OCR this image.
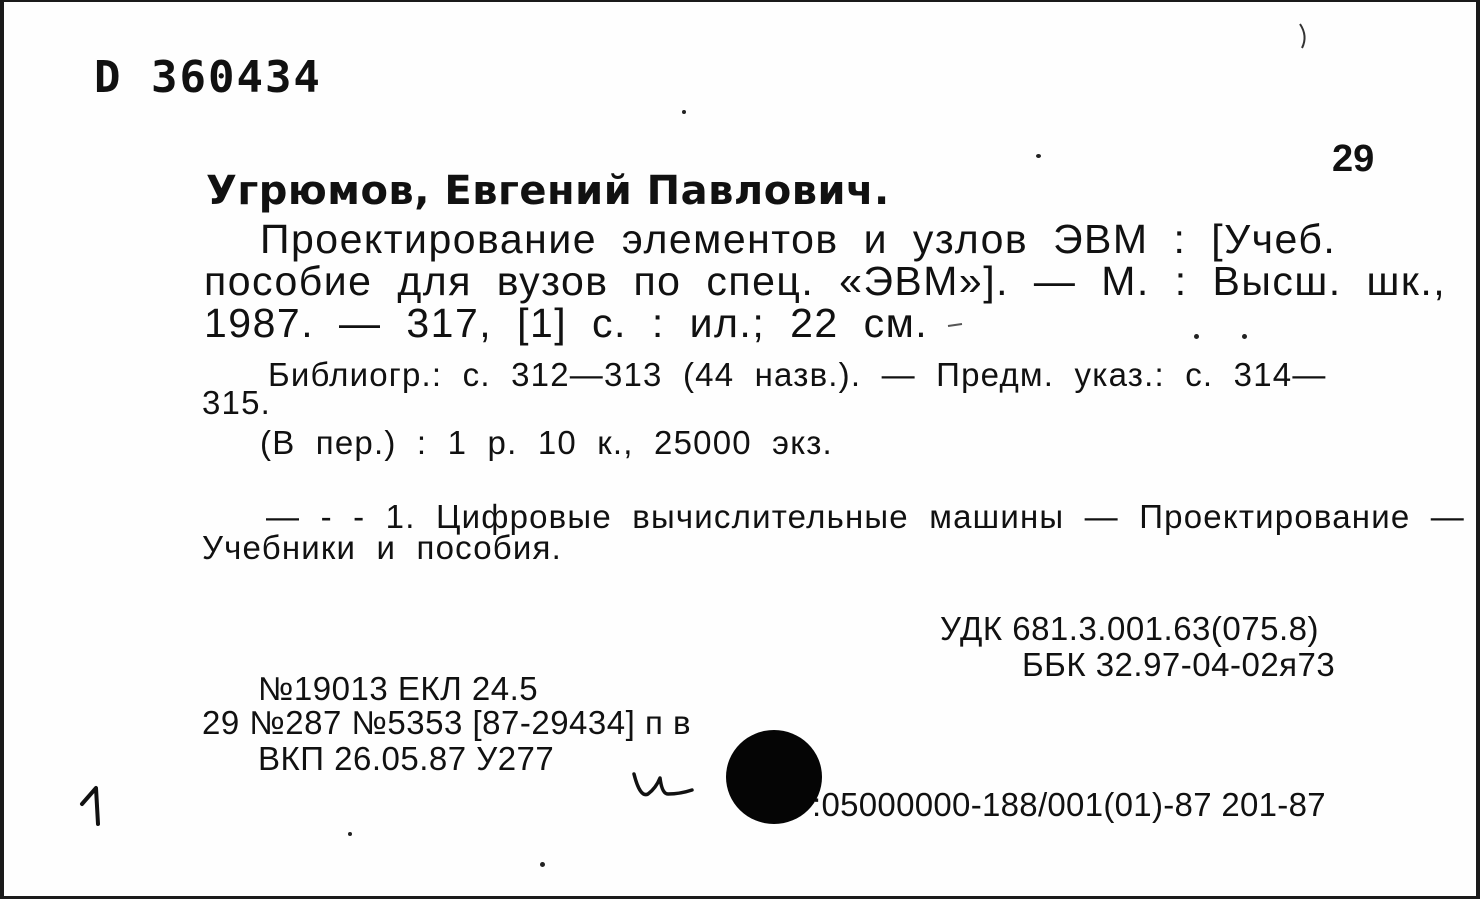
D 360434
29
Угрюмов, Евгений Павлович.
Проектирование элементов и узлов ЭВМ : [Учеб.
пособие для вузов по спец. «ЭВМ»]. — М. : Высш. шк.,
1987. — 317, [1] с. : ил.; 22 см.
Библиогр.: с. 312—313 (44 назв.). — Предм. указ.: с. 314—
315.
(В пер.) : 1 р. 10 к., 25000 экз.
— - - 1. Цифровые вычислительные машины — Проектирование —
Учебники и пособия.
УДК 681.3.001.63(075.8)
ББК 32.97-04-02я73
№19013 ЕКЛ 24.5
29 №287 №5353 [87-29434] п в
ВКП 26.05.87 У277
:05000000-188/001(01)-87 201-87
